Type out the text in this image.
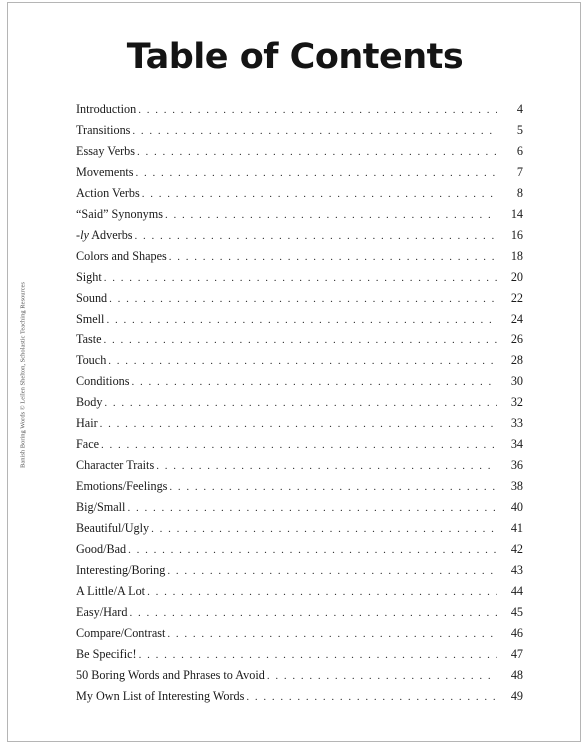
Table of Contents
Banish Boring Words © Leilen Shelton, Scholastic Teaching Resources
Introduction . . .	4
Transitions . . .	5
Essay Verbs . . .	6
Movements . . .	7
Action Verbs . . .	8
“Said” Synonyms . . .	14
-ly Adverbs . . .	16
Colors and Shapes . . .	18
Sight . . .	20
Sound . . .	22
Smell . . .	24
Taste . . .	26
Touch . . .	28
Conditions . . .	30
Body . . .	32
Hair . . .	33
Face . . .	34
Character Traits . . .	36
Emotions/Feelings . . .	38
Big/Small . . .	40
Beautiful/Ugly . . .	41
Good/Bad . . .	42
Interesting/Boring . . .	43
A Little/A Lot . . .	44
Easy/Hard . . .	45
Compare/Contrast . . .	46
Be Specific! . . .	47
50 Boring Words and Phrases to Avoid . . .	48
My Own List of Interesting Words . . .	49
